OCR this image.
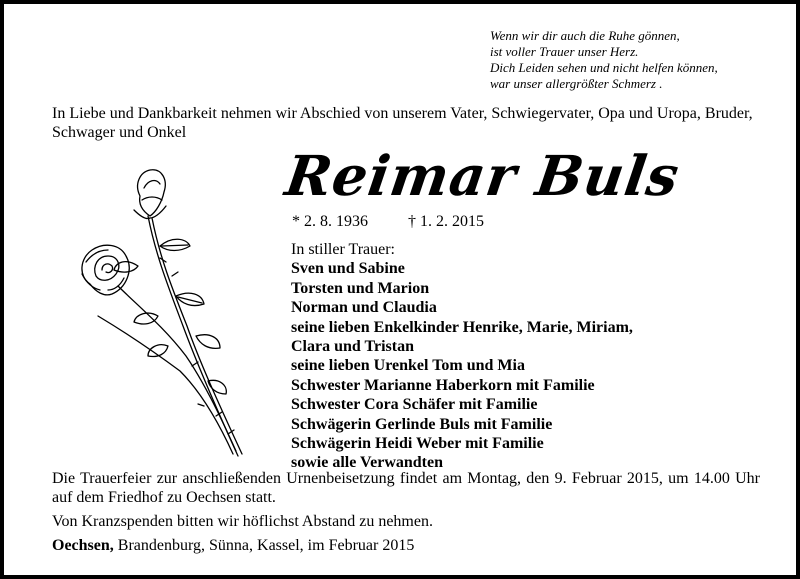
Wenn wir dir auch die Ruhe gönnen,
ist voller Trauer unser Herz.
Dich Leiden sehen und nicht helfen können,
war unser allergrößter Schmerz .
In Liebe und Dankbarkeit nehmen wir Abschied von unserem Vater, Schwiegervater, Opa und Uropa, Bruder, Schwager und Onkel
Reimar Buls
* 2. 8. 1936	† 1. 2. 2015
In stiller Trauer:
Sven und Sabine
Torsten und Marion
Norman und Claudia
seine lieben Enkelkinder Henrike, Marie, Miriam,
Clara und Tristan
seine lieben Urenkel Tom und Mia
Schwester Marianne Haberkorn mit Familie
Schwester Cora Schäfer mit Familie
Schwägerin Gerlinde Buls mit Familie
Schwägerin Heidi Weber mit Familie
sowie alle Verwandten
Die Trauerfeier zur anschließenden Urnenbeisetzung findet am Montag, den 9. Februar 2015, um 14.00 Uhr auf dem Friedhof zu Oechsen statt.
Von Kranzspenden bitten wir höflichst Abstand zu nehmen.
Oechsen, Brandenburg, Sünna, Kassel, im Februar 2015
